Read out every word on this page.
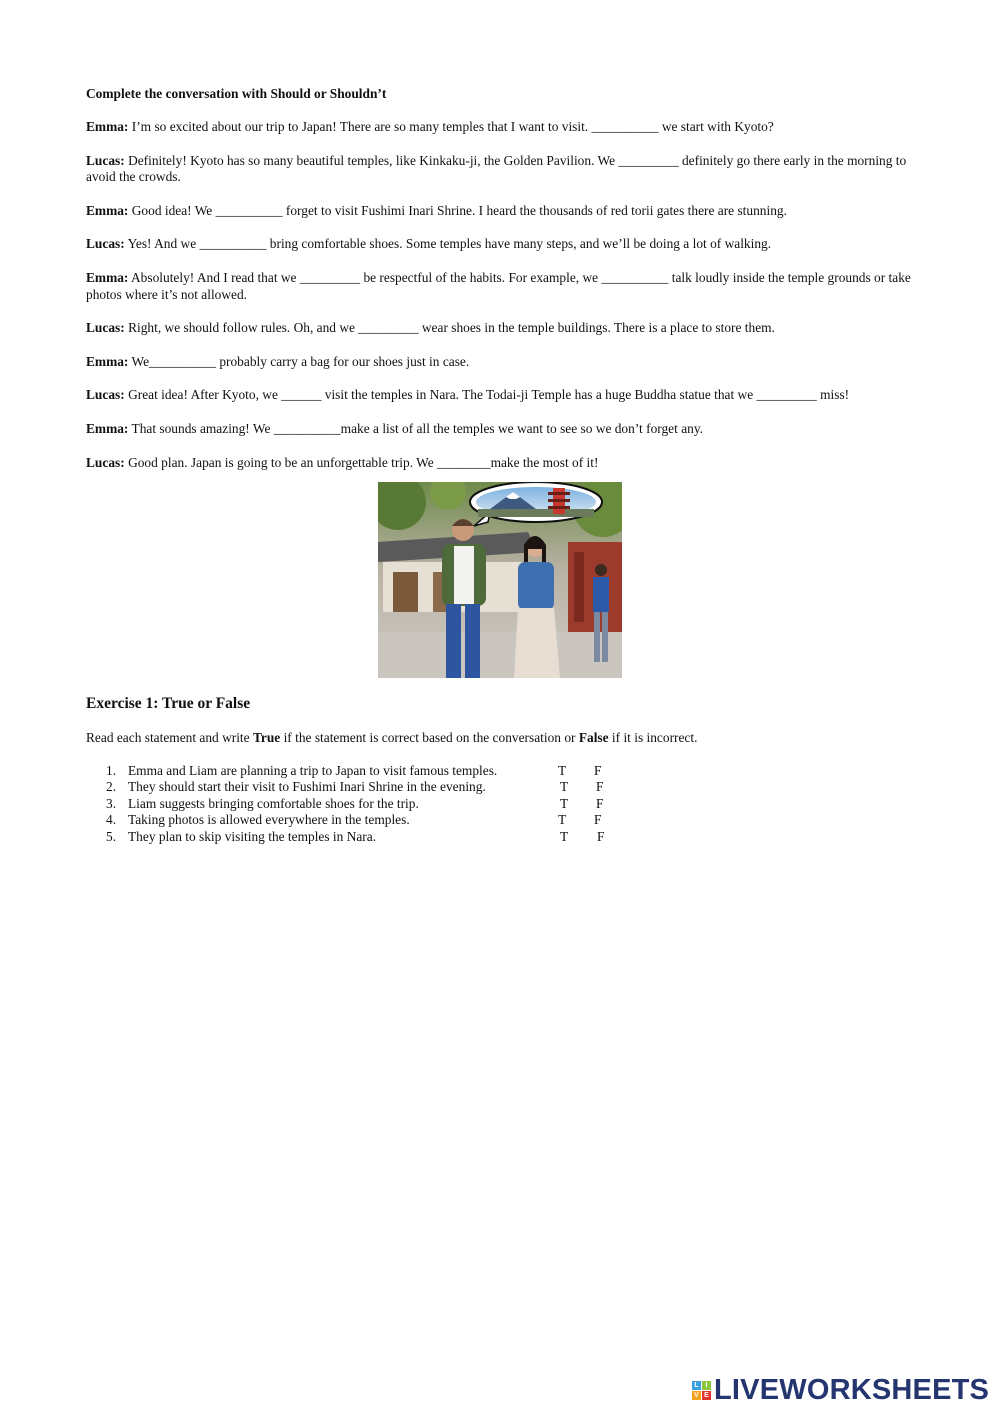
Complete the conversation with Should or Shouldn’t
Emma: I’m so excited about our trip to Japan! There are so many temples that I want to visit. __________ we start with Kyoto?
Lucas: Definitely! Kyoto has so many beautiful temples, like Kinkaku-ji, the Golden Pavilion. We _________ definitely go there early in the morning to avoid the crowds.
Emma: Good idea! We __________ forget to visit Fushimi Inari Shrine. I heard the thousands of red torii gates there are stunning.
Lucas: Yes! And we __________ bring comfortable shoes. Some temples have many steps, and we’ll be doing a lot of walking.
Emma: Absolutely! And I read that we _________ be respectful of the habits. For example, we __________ talk loudly inside the temple grounds or take photos where it’s not allowed.
Lucas: Right, we should follow rules. Oh, and we _________ wear shoes in the temple buildings. There is a place to store them.
Emma: We__________ probably carry a bag for our shoes just in case.
Lucas: Great idea! After Kyoto, we ______ visit the temples in Nara. The Todai-ji Temple has a huge Buddha statue that we _________ miss!
Emma: That sounds amazing! We __________make a list of all the temples we want to see so we don’t forget any.
Lucas: Good plan. Japan is going to be an unforgettable trip. We ________make the most of it!
Exercise 1: True or False
Read each statement and write True if the statement is correct based on the conversation or False if it is incorrect.
1. Emma and Liam are planning a trip to Japan to visit famous temples.	T F
2. They should start their visit to Fushimi Inari Shrine in the evening.	T F
3. Liam suggests bringing comfortable shoes for the trip.	T F
4. Taking photos is allowed everywhere in the temples.	T F
5. They plan to skip visiting the temples in Nara.	T F
L I
V E LIVEWORKSHEETS
